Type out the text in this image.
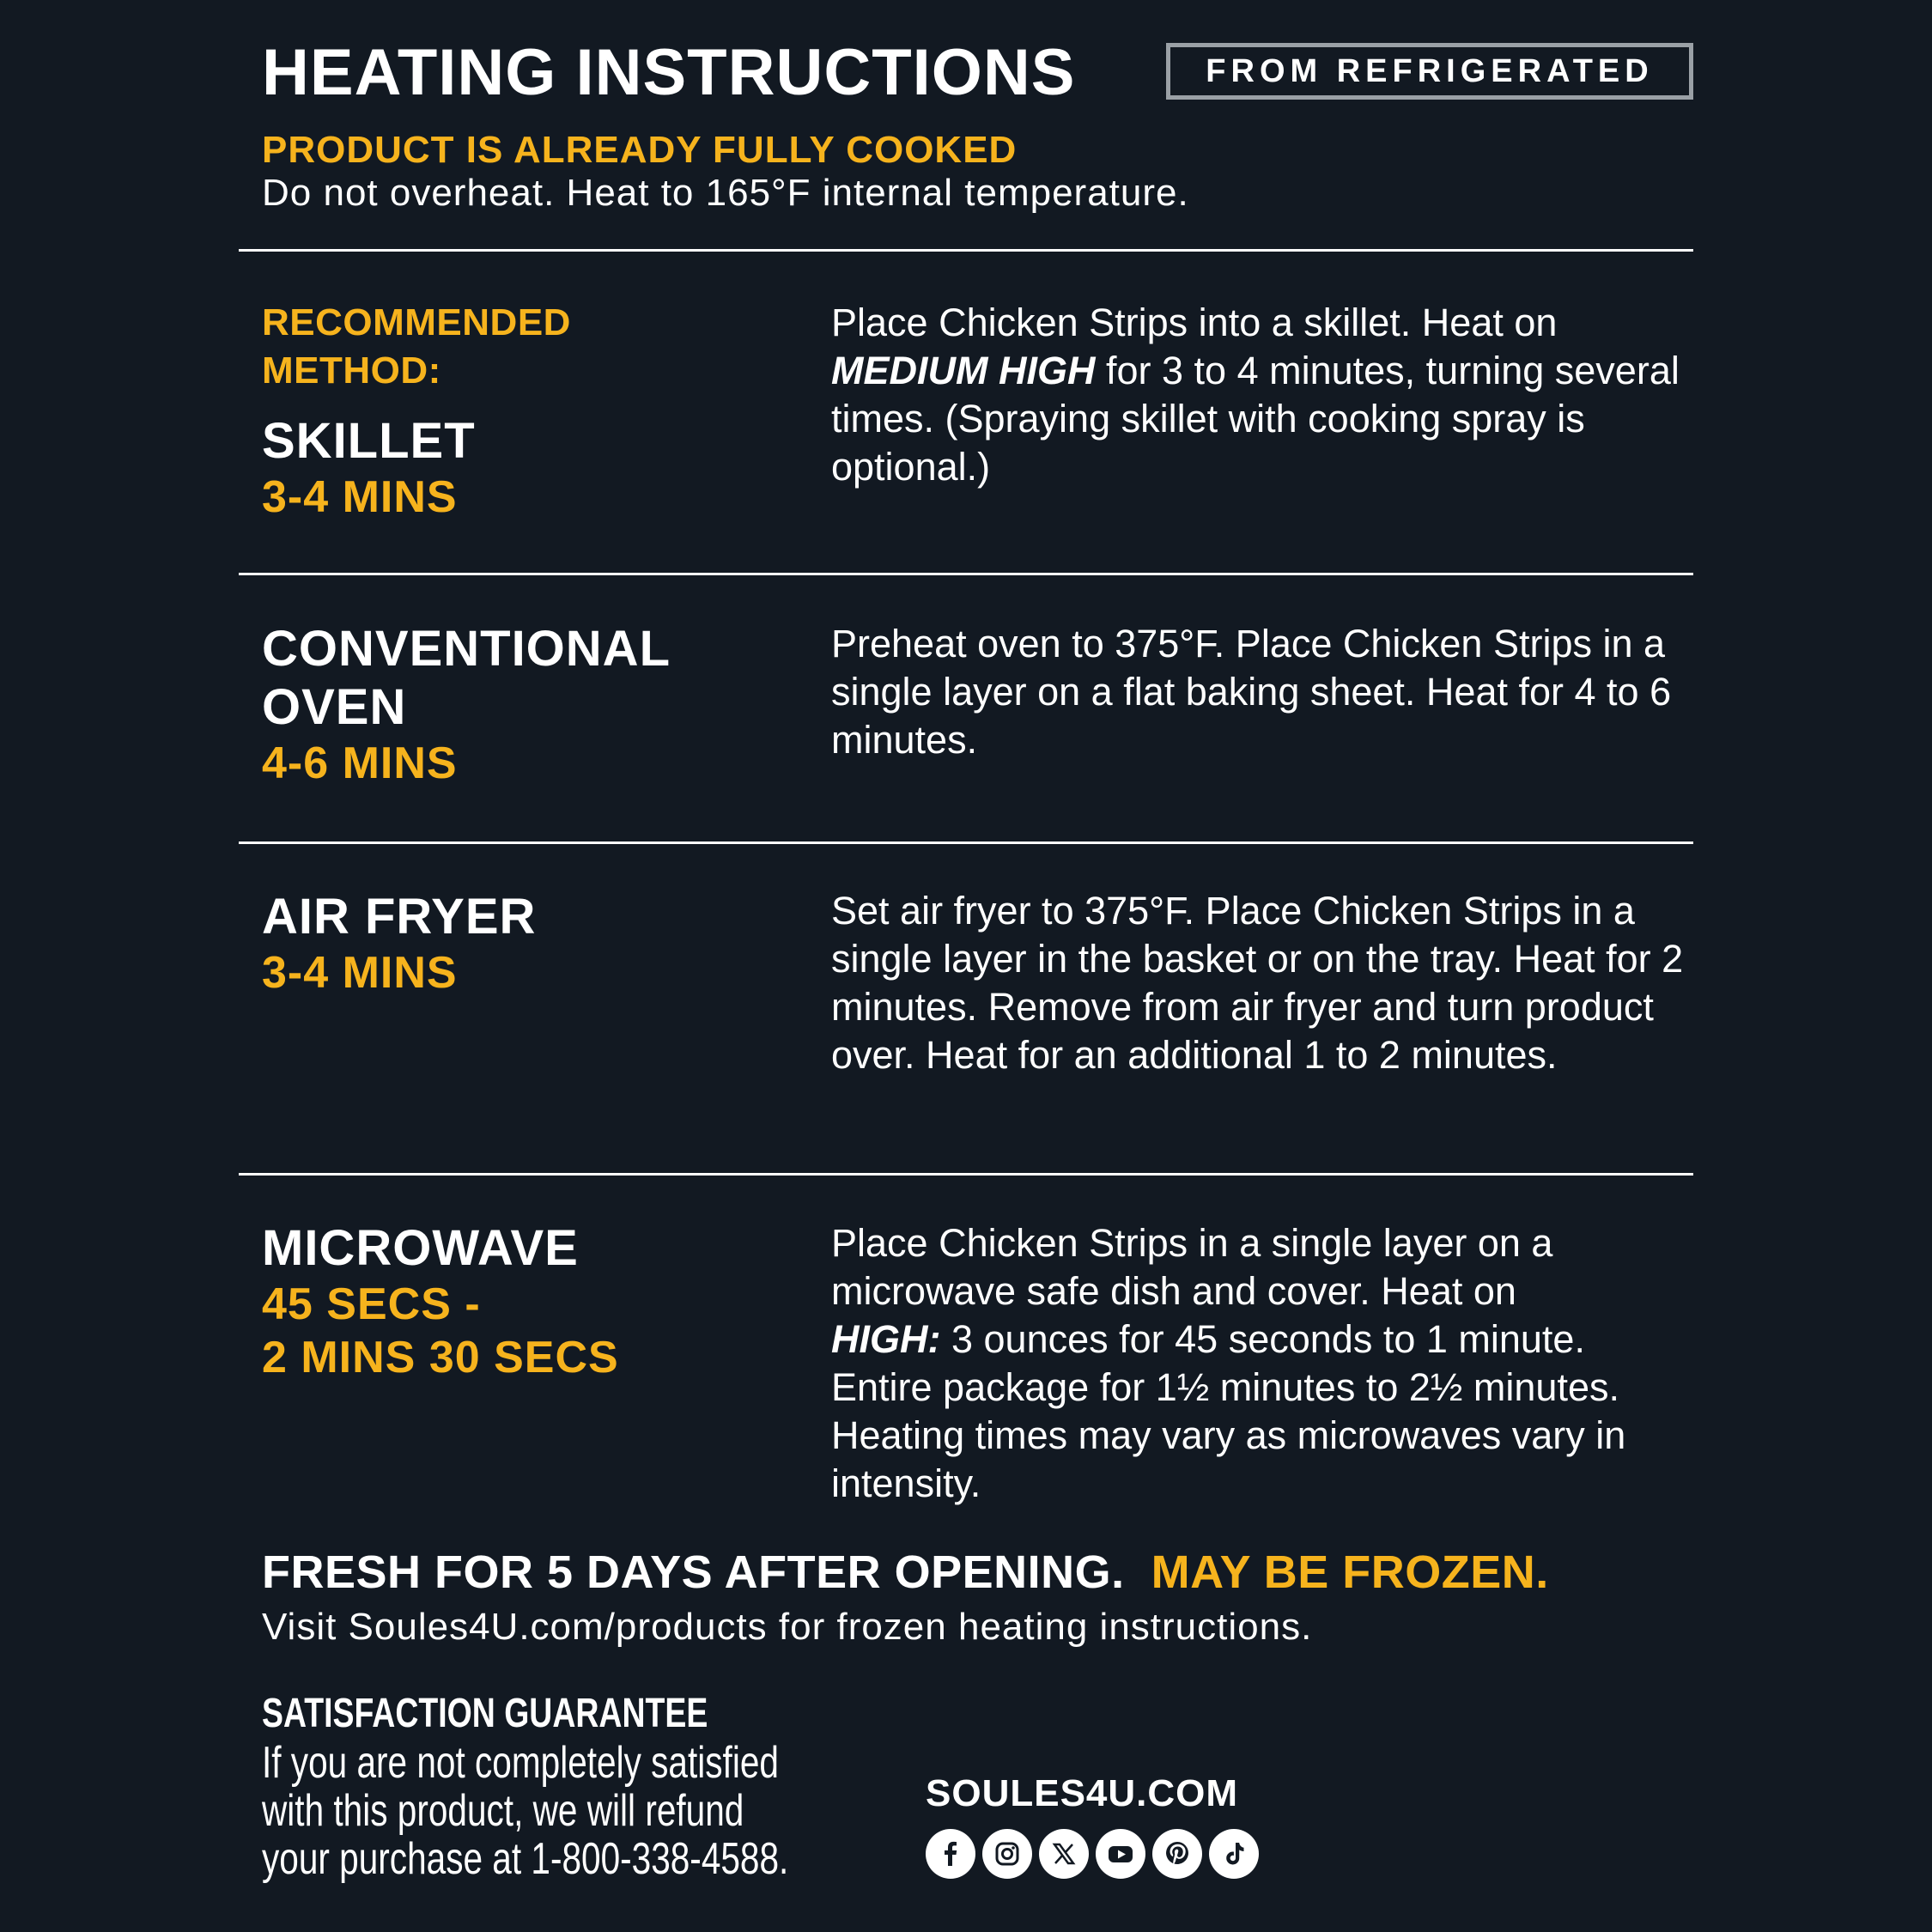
HEATING INSTRUCTIONS	FROM REFRIGERATED
PRODUCT IS ALREADY FULLY COOKED
Do not overheat. Heat to 165°F internal temperature.
RECOMMENDED
METHOD:
SKILLET
3-4 MINS
Place Chicken Strips into a skillet. Heat on
MEDIUM HIGH for 3 to 4 minutes, turning several times. (Spraying skillet with cooking spray is optional.)
CONVENTIONAL
OVEN
4-6 MINS
Preheat oven to 375°F. Place Chicken Strips in a single layer on a flat baking sheet. Heat for 4 to 6 minutes.
AIR FRYER
3-4 MINS
Set air fryer to 375°F. Place Chicken Strips in a single layer in the basket or on the tray. Heat for 2 minutes. Remove from air fryer and turn product over. Heat for an additional 1 to 2 minutes.
MICROWAVE
45 SECS -
2 MINS 30 SECS
Place Chicken Strips in a single layer on a microwave safe dish and cover. Heat on
HIGH: 3 ounces for 45 seconds to 1 minute. Entire package for 1½ minutes to 2½ minutes. Heating times may vary as microwaves vary in intensity.
FRESH FOR 5 DAYS AFTER OPENING. MAY BE FROZEN.
Visit Soules4U.com/products for frozen heating instructions.
SATISFACTION GUARANTEE
If you are not completely satisfied
with this product, we will refund
your purchase at 1-800-338-4588.
SOULES4U.COM
